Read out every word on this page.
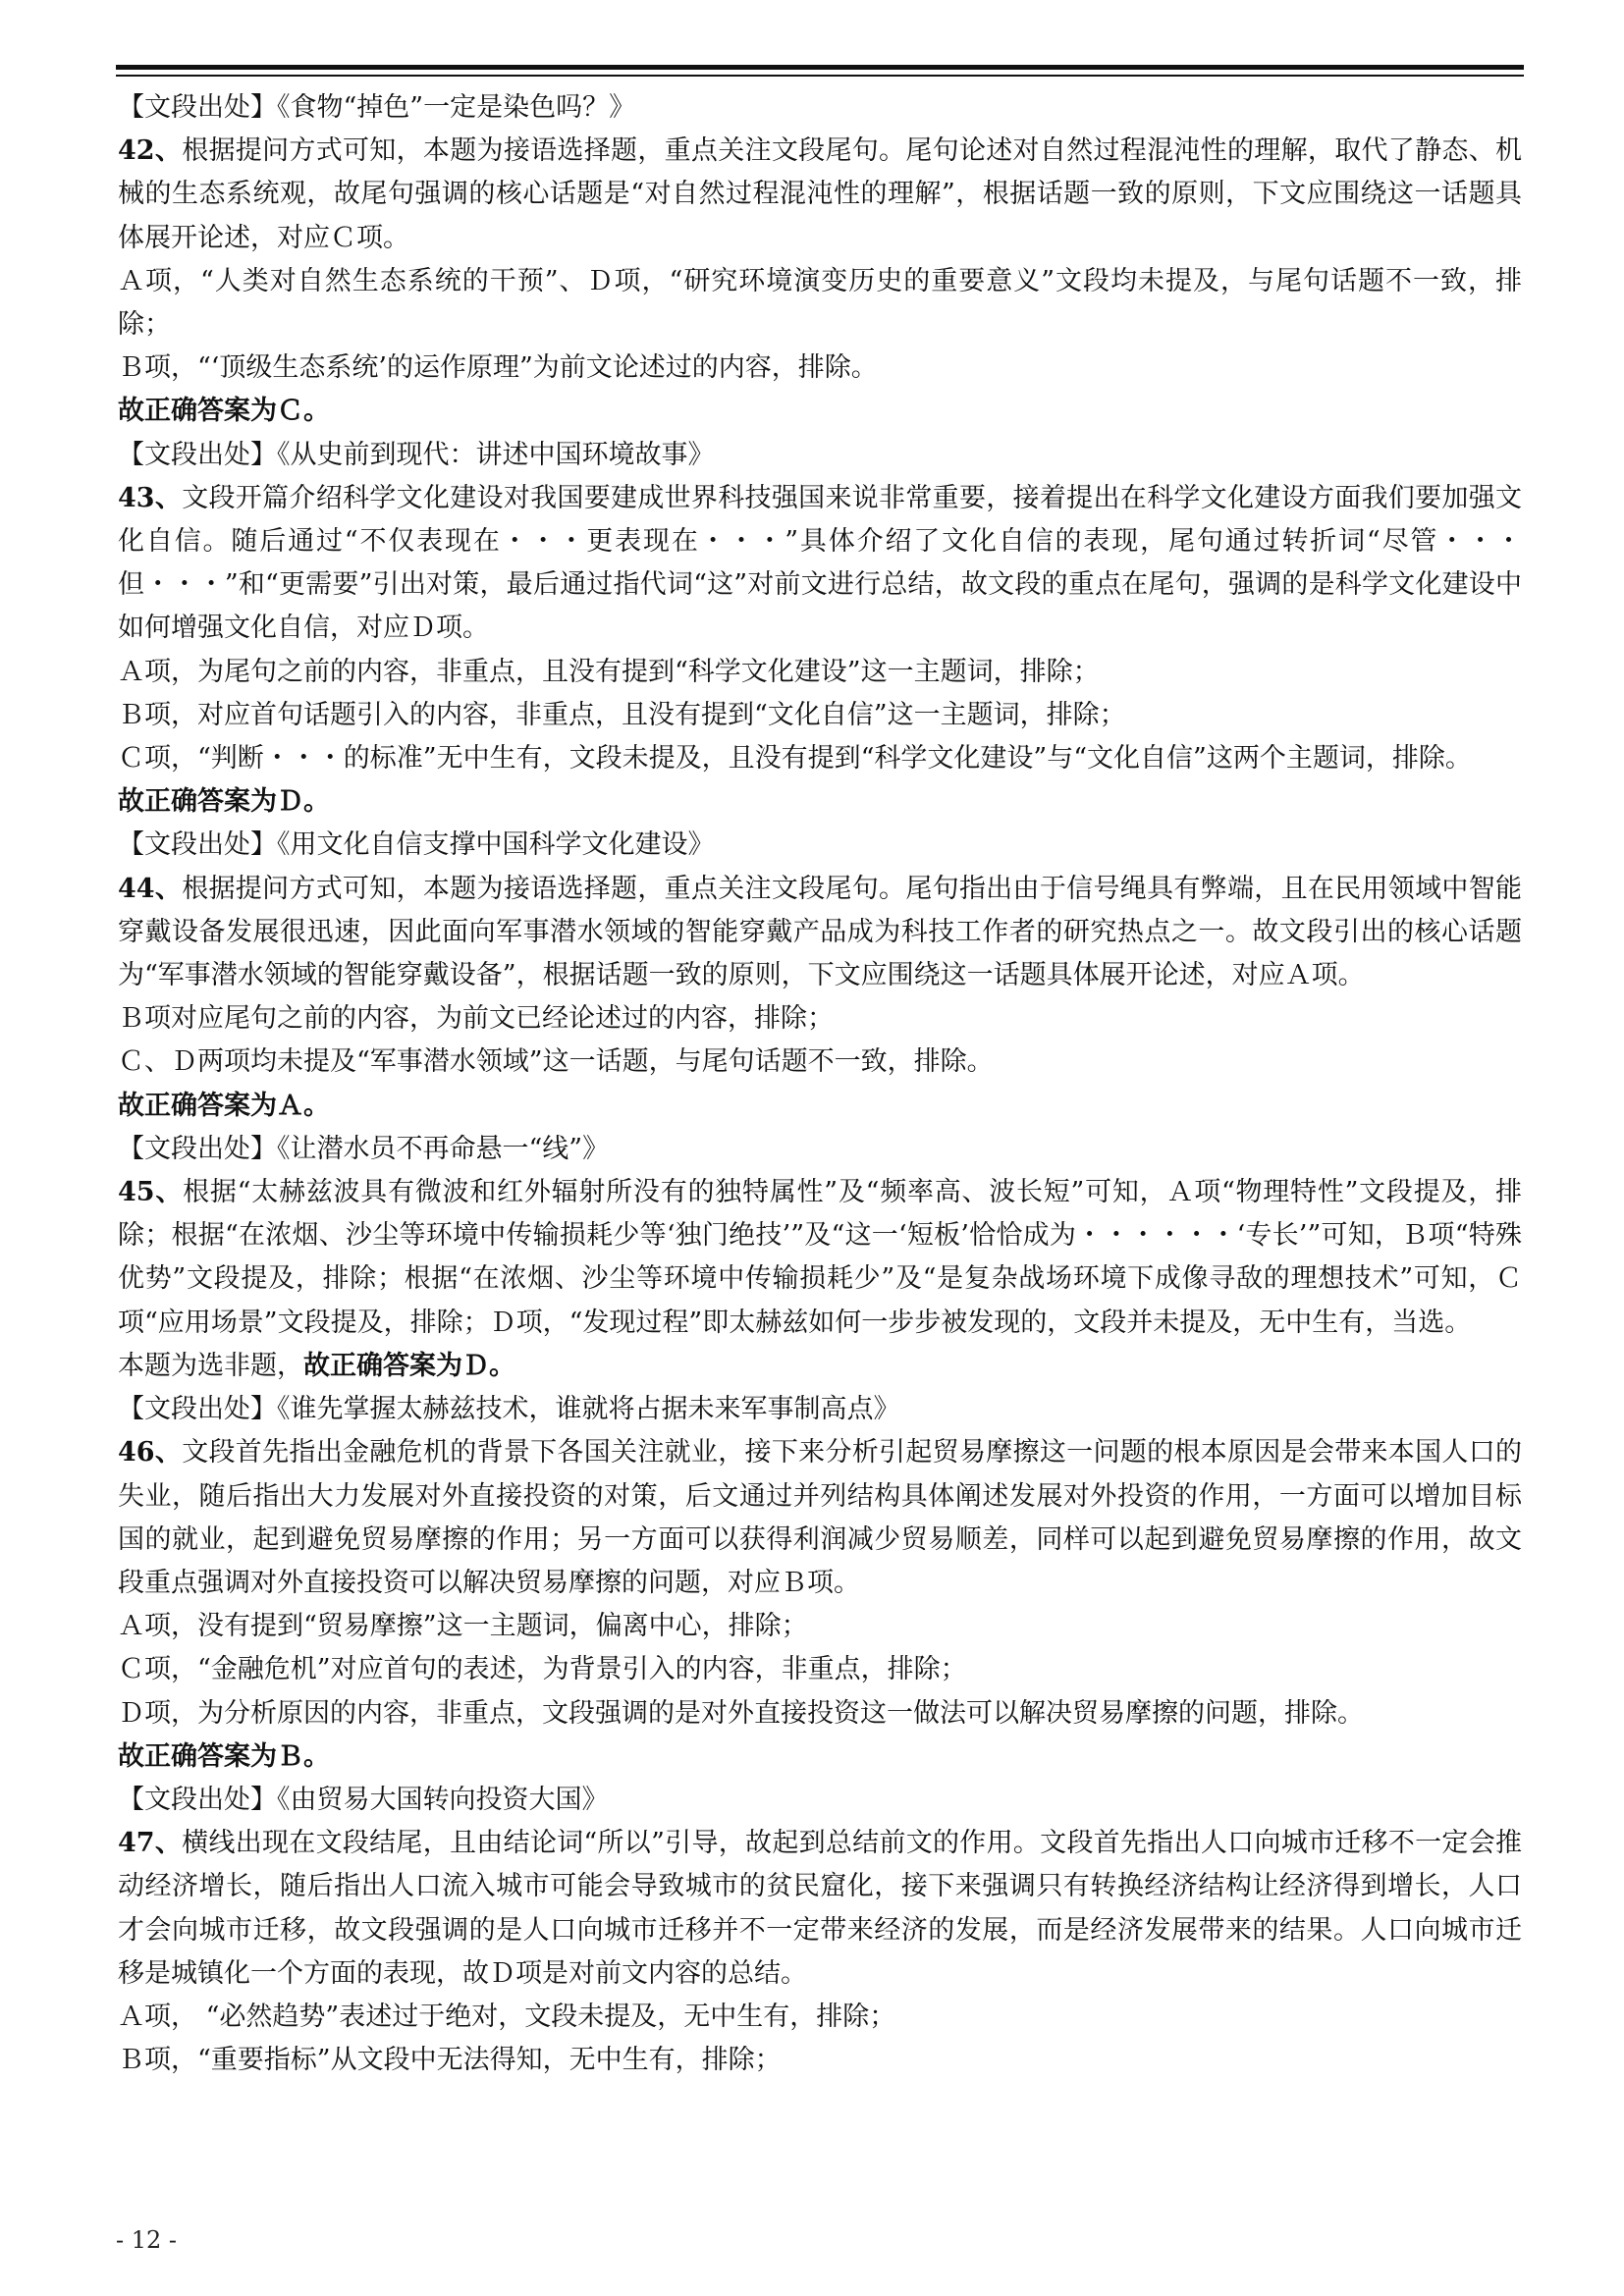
【文段出处】《食物“掉色”一定是染色吗？》

42、根据提问方式可知，本题为接语选择题，重点关注文段尾句。尾句论述对自然过程混沌性的理解，取代了静态、机械的生态系统观，故尾句强调的核心话题是“对自然过程混沌性的理解”，根据话题一致的原则，下文应围绕这一话题具体展开论述，对应Ｃ项。

Ａ项，“人类对自然生态系统的干预”、Ｄ项，“研究环境演变历史的重要意义”文段均未提及，与尾句话题不一致，排除；

Ｂ项，“‘顶级生态系统’的运作原理”为前文论述过的内容，排除。

故正确答案为Ｃ。

【文段出处】《从史前到现代：讲述中国环境故事》

43、文段开篇介绍科学文化建设对我国要建成世界科技强国来说非常重要，接着提出在科学文化建设方面我们要加强文化自信。随后通过“不仅表现在・・・更表现在・・・”具体介绍了文化自信的表现，尾句通过转折词“尽管・・・但・・・”和“更需要”引出对策，最后通过指代词“这”对前文进行总结，故文段的重点在尾句，强调的是科学文化建设中如何增强文化自信，对应Ｄ项。

Ａ项，为尾句之前的内容，非重点，且没有提到“科学文化建设”这一主题词，排除；

Ｂ项，对应首句话题引入的内容，非重点，且没有提到“文化自信”这一主题词，排除；

Ｃ项，“判断・・・的标准”无中生有，文段未提及，且没有提到“科学文化建设”与“文化自信”这两个主题词，排除。

故正确答案为Ｄ。

【文段出处】《用文化自信支撑中国科学文化建设》

44、根据提问方式可知，本题为接语选择题，重点关注文段尾句。尾句指出由于信号绳具有弊端，且在民用领域中智能穿戴设备发展很迅速，因此面向军事潜水领域的智能穿戴产品成为科技工作者的研究热点之一。故文段引出的核心话题为“军事潜水领域的智能穿戴设备”，根据话题一致的原则，下文应围绕这一话题具体展开论述，对应Ａ项。

Ｂ项对应尾句之前的内容，为前文已经论述过的内容，排除；

Ｃ、Ｄ两项均未提及“军事潜水领域”这一话题，与尾句话题不一致，排除。

故正确答案为Ａ。

【文段出处】《让潜水员不再命悬一“线”》

45、根据“太赫兹波具有微波和红外辐射所没有的独特属性”及“频率高、波长短”可知，Ａ项“物理特性”文段提及，排除；根据“在浓烟、沙尘等环境中传输损耗少等‘独门绝技’”及“这一‘短板’恰恰成为・・・・・・‘专长’”可知，Ｂ项“特殊优势”文段提及，排除；根据“在浓烟、沙尘等环境中传输损耗少”及“是复杂战场环境下成像寻敌的理想技术”可知，Ｃ项“应用场景”文段提及，排除；Ｄ项，“发现过程”即太赫兹如何一步步被发现的，文段并未提及，无中生有，当选。

本题为选非题，故正确答案为Ｄ。

【文段出处】《谁先掌握太赫兹技术，谁就将占据未来军事制高点》

46、文段首先指出金融危机的背景下各国关注就业，接下来分析引起贸易摩擦这一问题的根本原因是会带来本国人口的失业，随后指出大力发展对外直接投资的对策，后文通过并列结构具体阐述发展对外投资的作用，一方面可以增加目标国的就业，起到避免贸易摩擦的作用；另一方面可以获得利润减少贸易顺差，同样可以起到避免贸易摩擦的作用，故文段重点强调对外直接投资可以解决贸易摩擦的问题，对应Ｂ项。

Ａ项，没有提到“贸易摩擦”这一主题词，偏离中心，排除；

Ｃ项，“金融危机”对应首句的表述，为背景引入的内容，非重点，排除；

Ｄ项，为分析原因的内容，非重点，文段强调的是对外直接投资这一做法可以解决贸易摩擦的问题，排除。

故正确答案为Ｂ。

【文段出处】《由贸易大国转向投资大国》

47、横线出现在文段结尾，且由结论词“所以”引导，故起到总结前文的作用。文段首先指出人口向城市迁移不一定会推动经济增长，随后指出人口流入城市可能会导致城市的贫民窟化，接下来强调只有转换经济结构让经济得到增长，人口才会向城市迁移，故文段强调的是人口向城市迁移并不一定带来经济的发展，而是经济发展带来的结果。人口向城市迁移是城镇化一个方面的表现，故Ｄ项是对前文内容的总结。

Ａ项， “必然趋势”表述过于绝对，文段未提及，无中生有，排除；

Ｂ项，“重要指标”从文段中无法得知，无中生有，排除；

- 12 -
